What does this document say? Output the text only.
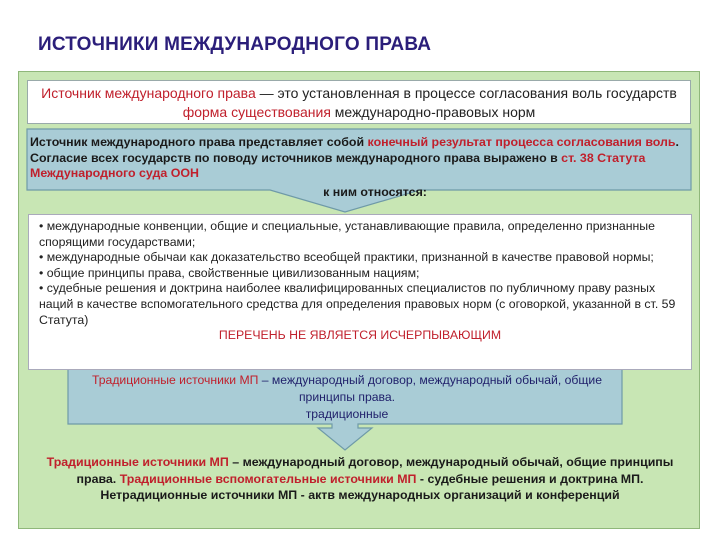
ИСТОЧНИКИ МЕЖДУНАРОДНОГО ПРАВА
Источник международного права — это установленная в процессе согласования воль государств форма существования международно-правовых норм
Источник международного права представляет собой конечный результат процесса согласования воль. Согласие всех государств по поводу источников международного права выражено в ст. 38 Статута Международного суда ООН
к ним относятся:
• международные конвенции, общие и специальные, устанавливающие правила, определенно признанные спорящими государствами;
• международные обычаи как доказательство всеобщей практики, признанной в качестве правовой нормы;
• общие принципы права, свойственные цивилизованным нациям;
• судебные решения и доктрина наиболее квалифицированных специалистов по публичному праву разных наций в качестве вспомогательного средства для определения правовых норм (с оговоркой, указанной в ст. 59 Статута)
ПЕРЕЧЕНЬ НЕ ЯВЛЯЕТСЯ ИСЧЕРПЫВАЮЩИМ
Традиционные источники МП – международный договор, международный обычай, общие принципы права.
традиционные
Традиционные источники МП – международный договор, международный обычай, общие принципы права. Традиционные вспомогательные источники МП - судебные решения и доктрина МП.
Нетрадиционные источники МП - актв международных организаций и конференций
